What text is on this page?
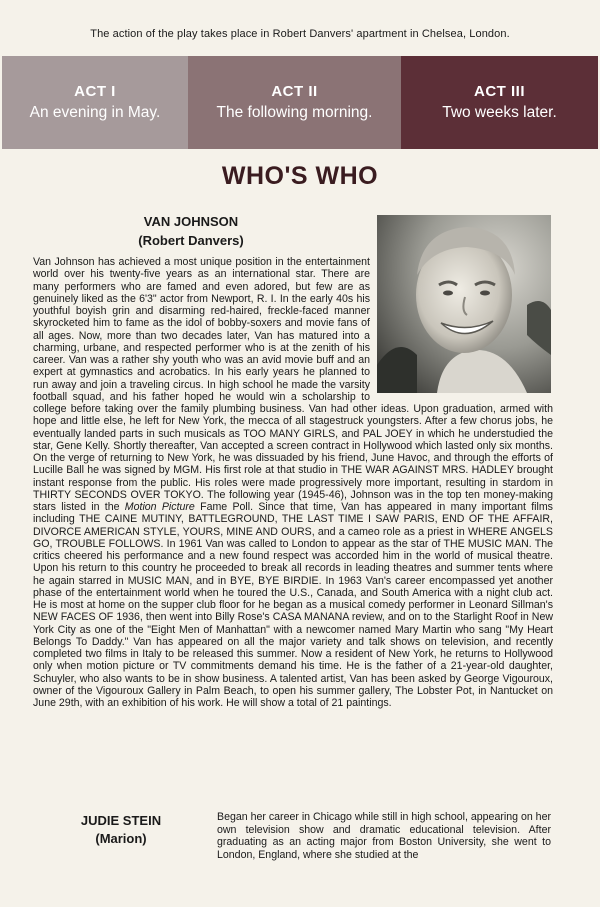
The action of the play takes place in Robert Danvers' apartment in Chelsea, London.
ACT I
An evening in May.
ACT II
The following morning.
ACT III
Two weeks later.
WHO'S WHO
VAN JOHNSON
(Robert Danvers)

Van Johnson has achieved a most unique position in the entertainment world over his twenty-five years as an international star. There are many performers who are famed and even adored, but few are as genuinely liked as the 6'3" actor from Newport, R. I. In the early 40s his youthful boyish grin and disarming red-haired, freckle-faced manner skyrocketed him to fame as the idol of bobby-soxers and movie fans of all ages. Now, more than two decades later, Van has matured into a charming, urbane, and respected performer who is at the zenith of his career. Van was a rather shy youth who was an avid movie buff and an expert at gymnastics and acrobatics. In his early years he planned to run away and join a traveling circus. In high school he made the varsity football squad, and his father hoped he would win a scholarship to college before taking over the family plumbing business. Van had other ideas. Upon graduation, armed with hope and little else, he left for New York, the mecca of all stagestruck youngsters. After a few chorus jobs, he eventually landed parts in such musicals as TOO MANY GIRLS, and PAL JOEY in which he understudied the star, Gene Kelly. Shortly thereafter, Van accepted a screen contract in Hollywood which lasted only six months. On the verge of returning to New York, he was dissuaded by his friend, June Havoc, and through the efforts of Lucille Ball he was signed by MGM. His first role at that studio in THE WAR AGAINST MRS. HADLEY brought instant response from the public. His roles were made progressively more important, resulting in stardom in THIRTY SECONDS OVER TOKYO. The following year (1945-46), Johnson was in the top ten money-making stars listed in the Motion Picture Fame Poll. Since that time, Van has appeared in many important films including THE CAINE MUTINY, BATTLEGROUND, THE LAST TIME I SAW PARIS, END OF THE AFFAIR, DIVORCE AMERICAN STYLE, YOURS, MINE AND OURS, and a cameo role as a priest in WHERE ANGELS GO, TROUBLE FOLLOWS. In 1961 Van was called to London to appear as the star of THE MUSIC MAN. The critics cheered his performance and a new found respect was accorded him in the world of musical theatre. Upon his return to this country he proceeded to break all records in leading theatres and summer tents where he again starred in MUSIC MAN, and in BYE, BYE BIRDIE. In 1963 Van's career encompassed yet another phase of the entertainment world when he toured the U.S., Canada, and South America with a night club act. He is most at home on the supper club floor for he began as a musical comedy performer in Leonard Sillman's NEW FACES OF 1936, then went into Billy Rose's CASA MANANA review, and on to the Starlight Roof in New York City as one of the "Eight Men of Manhattan" with a newcomer named Mary Martin who sang "My Heart Belongs To Daddy." Van has appeared on all the major variety and talk shows on television, and recently completed two films in Italy to be released this summer. Now a resident of New York, he returns to Hollywood only when motion picture or TV commitments demand his time. He is the father of a 21-year-old daughter, Schuyler, who also wants to be in show business. A talented artist, Van has been asked by George Vigouroux, owner of the Vigouroux Gallery in Palm Beach, to open his summer gallery, The Lobster Pot, in Nantucket on June 29th, with an exhibition of his work. He will show a total of 21 paintings.

JUDIE STEIN
(Marion)

Began her career in Chicago while still in high school, appearing on her own television show and dramatic educational television. After graduating as an acting major from Boston University, she went to London, England, where she studied at the
